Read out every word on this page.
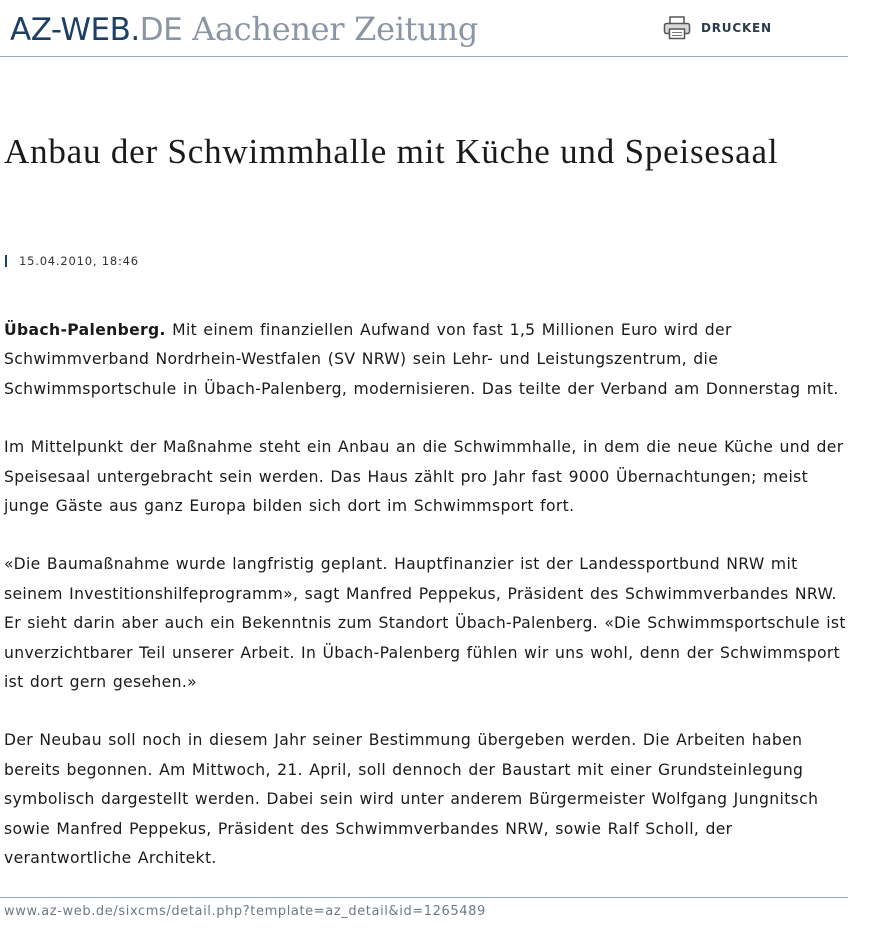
AZ-WEB.DE Aachener Zeitung	DRUCKEN
Anbau der Schwimmhalle mit Küche und Speisesaal
15.04.2010, 18:46

Übach-Palenberg. Mit einem finanziellen Aufwand von fast 1,5 Millionen Euro wird der Schwimmverband Nordrhein-Westfalen (SV NRW) sein Lehr- und Leistungszentrum, die Schwimmsportschule in Übach-Palenberg, modernisieren. Das teilte der Verband am Donnerstag mit.

Im Mittelpunkt der Maßnahme steht ein Anbau an die Schwimmhalle, in dem die neue Küche und der Speisesaal untergebracht sein werden. Das Haus zählt pro Jahr fast 9000 Übernachtungen; meist junge Gäste aus ganz Europa bilden sich dort im Schwimmsport fort.

«Die Baumaßnahme wurde langfristig geplant. Hauptfinanzier ist der Landessportbund NRW mit seinem Investitionshilfeprogramm», sagt Manfred Peppekus, Präsident des Schwimmverbandes NRW. Er sieht darin aber auch ein Bekenntnis zum Standort Übach-Palenberg. «Die Schwimmsportschule ist unverzichtbarer Teil unserer Arbeit. In Übach-Palenberg fühlen wir uns wohl, denn der Schwimmsport ist dort gern gesehen.»

Der Neubau soll noch in diesem Jahr seiner Bestimmung übergeben werden. Die Arbeiten haben bereits begonnen. Am Mittwoch, 21. April, soll dennoch der Baustart mit einer Grundsteinlegung symbolisch dargestellt werden. Dabei sein wird unter anderem Bürgermeister Wolfgang Jungnitsch sowie Manfred Peppekus, Präsident des Schwimmverbandes NRW, sowie Ralf Scholl, der verantwortliche Architekt.

www.az-web.de/sixcms/detail.php?template=az_detail&id=1265489
